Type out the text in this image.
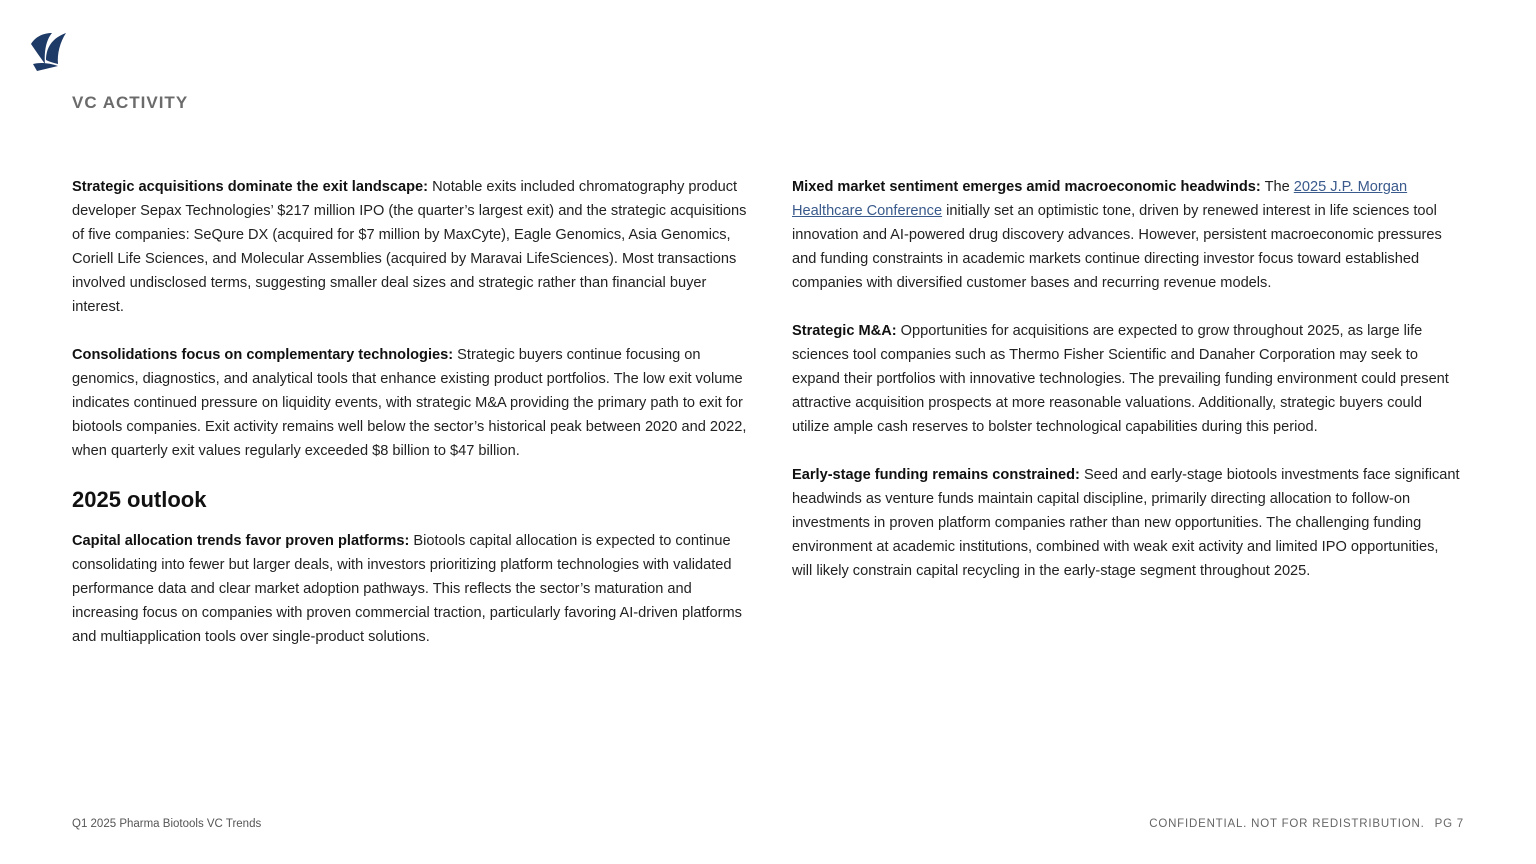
VC ACTIVITY

Strategic acquisitions dominate the exit landscape: Notable exits included chromatography product developer Sepax Technologies’ $217 million IPO (the quarter’s largest exit) and the strategic acquisitions of five companies: SeQure DX (acquired for $7 million by MaxCyte), Eagle Genomics, Asia Genomics, Coriell Life Sciences, and Molecular Assemblies (acquired by Maravai LifeSciences). Most transactions involved undisclosed terms, suggesting smaller deal sizes and strategic rather than financial buyer interest.

Consolidations focus on complementary technologies: Strategic buyers continue focusing on genomics, diagnostics, and analytical tools that enhance existing product portfolios. The low exit volume indicates continued pressure on liquidity events, with strategic M&A providing the primary path to exit for biotools companies. Exit activity remains well below the sector’s historical peak between 2020 and 2022, when quarterly exit values regularly exceeded $8 billion to $47 billion.

2025 outlook

Capital allocation trends favor proven platforms: Biotools capital allocation is expected to continue consolidating into fewer but larger deals, with investors prioritizing platform technologies with validated performance data and clear market adoption pathways. This reflects the sector’s maturation and increasing focus on companies with proven commercial traction, particularly favoring AI-driven platforms and multiapplication tools over single-product solutions.

Mixed market sentiment emerges amid macroeconomic headwinds: The 2025 J.P. Morgan Healthcare Conference initially set an optimistic tone, driven by renewed interest in life sciences tool innovation and AI-powered drug discovery advances. However, persistent macroeconomic pressures and funding constraints in academic markets continue directing investor focus toward established companies with diversified customer bases and recurring revenue models.

Strategic M&A: Opportunities for acquisitions are expected to grow throughout 2025, as large life sciences tool companies such as Thermo Fisher Scientific and Danaher Corporation may seek to expand their portfolios with innovative technologies. The prevailing funding environment could present attractive acquisition prospects at more reasonable valuations. Additionally, strategic buyers could utilize ample cash reserves to bolster technological capabilities during this period.

Early-stage funding remains constrained: Seed and early-stage biotools investments face significant headwinds as venture funds maintain capital discipline, primarily directing allocation to follow-on investments in proven platform companies rather than new opportunities. The challenging funding environment at academic institutions, combined with weak exit activity and limited IPO opportunities, will likely constrain capital recycling in the early-stage segment throughout 2025.

Q1 2025 Pharma Biotools VC Trends	CONFIDENTIAL. NOT FOR REDISTRIBUTION. PG 7
